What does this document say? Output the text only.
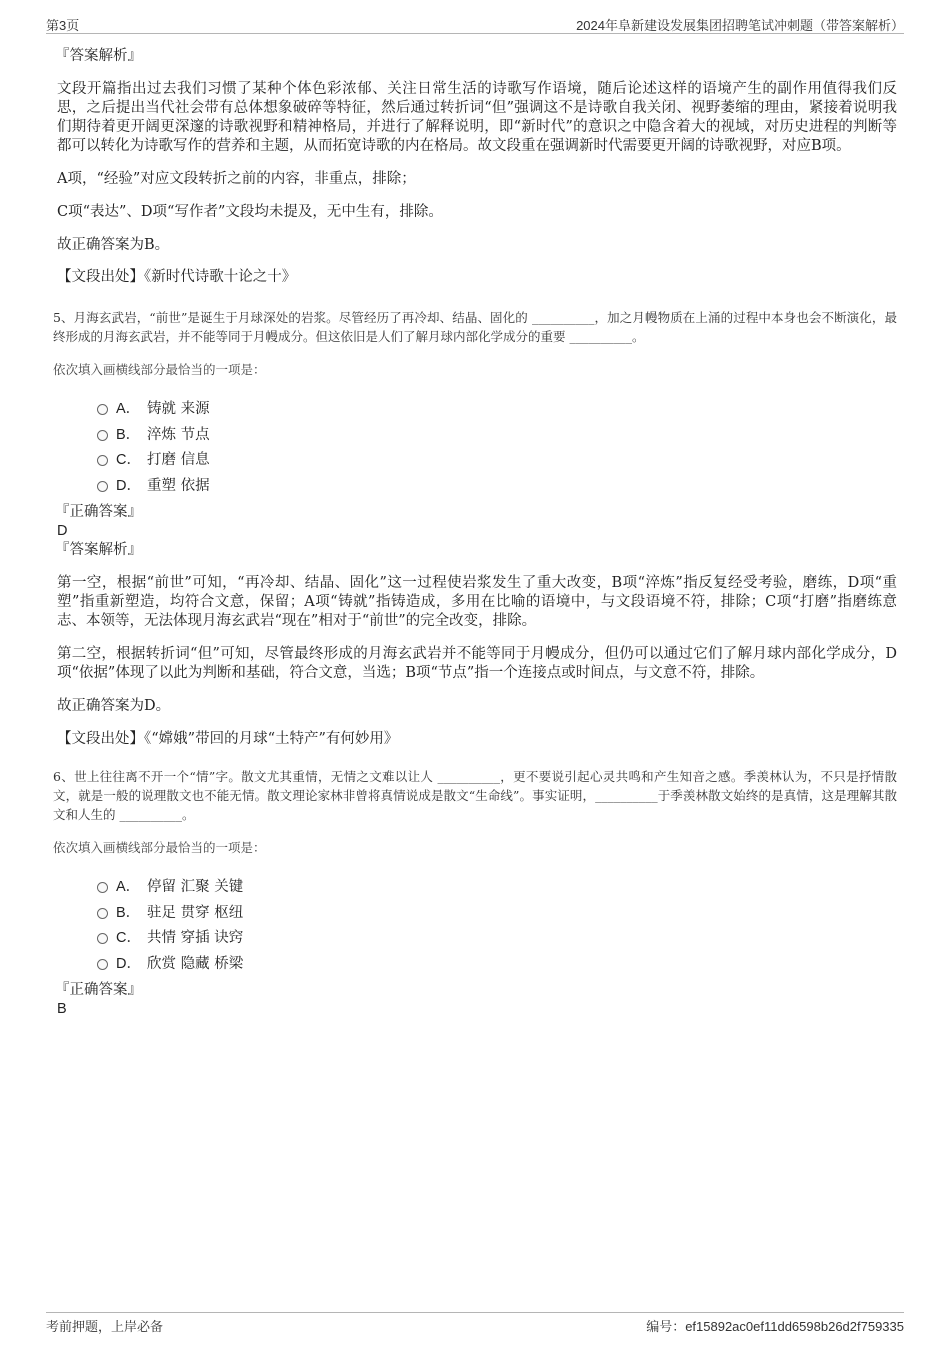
第3页	2024年阜新建设发展集团招聘笔试冲刺题（带答案解析）
『答案解析』
文段开篇指出过去我们习惯了某种个体色彩浓郁、关注日常生活的诗歌写作语境，随后论述这样的语境产生的副作用值得我们反思，之后提出当代社会带有总体想象破碎等特征，然后通过转折词“但”强调这不是诗歌自我关闭、视野萎缩的理由，紧接着说明我们期待着更开阔更深邃的诗歌视野和精神格局，并进行了解释说明，即“新时代”的意识之中隐含着大的视域，对历史进程的判断等都可以转化为诗歌写作的营养和主题，从而拓宽诗歌的内在格局。故文段重在强调新时代需要更开阔的诗歌视野，对应B项。
A项，“经验”对应文段转折之前的内容，非重点，排除；
C项“表达”、D项“写作者”文段均未提及，无中生有，排除。
故正确答案为B。
【文段出处】《新时代诗歌十论之十》
5、月海玄武岩，“前世”是诞生于月球深处的岩浆。尽管经历了再冷却、结晶、固化的 __________，加之月幔物质在上涌的过程中本身也会不断演化，最终形成的月海玄武岩，并不能等同于月幔成分。但这依旧是人们了解月球内部化学成分的重要 __________。
依次填入画横线部分最恰当的一项是：
A． 铸就 来源
B． 淬炼 节点
C． 打磨 信息
D． 重塑 依据
『正确答案』
D
『答案解析』
第一空，根据“前世”可知，“再冷却、结晶、固化”这一过程使岩浆发生了重大改变，B项“淬炼”指反复经受考验，磨练，D项“重塑”指重新塑造，均符合文意，保留；A项“铸就”指铸造成，多用在比喻的语境中，与文段语境不符，排除；C项“打磨”指磨练意志、本领等，无法体现月海玄武岩“现在”相对于“前世”的完全改变，排除。
第二空，根据转折词“但”可知，尽管最终形成的月海玄武岩并不能等同于月幔成分，但仍可以通过它们了解月球内部化学成分，D项“依据”体现了以此为判断和基础，符合文意，当选；B项“节点”指一个连接点或时间点，与文意不符，排除。
故正确答案为D。
【文段出处】《“嫦娥”带回的月球“土特产”有何妙用》
6、世上往往离不开一个“情”字。散文尤其重情，无情之文难以让人 __________，更不要说引起心灵共鸣和产生知音之感。季羡林认为，不只是抒情散文，就是一般的说理散文也不能无情。散文理论家林非曾将真情说成是散文“生命线”。事实证明，__________于季羡林散文始终的是真情，这是理解其散文和人生的 __________。
依次填入画横线部分最恰当的一项是：
A． 停留 汇聚 关键
B． 驻足 贯穿 枢纽
C． 共情 穿插 诀窍
D． 欣赏 隐藏 桥梁
『正确答案』
B
考前押题，上岸必备	编号：ef15892ac0ef11dd6598b26d2f759335
